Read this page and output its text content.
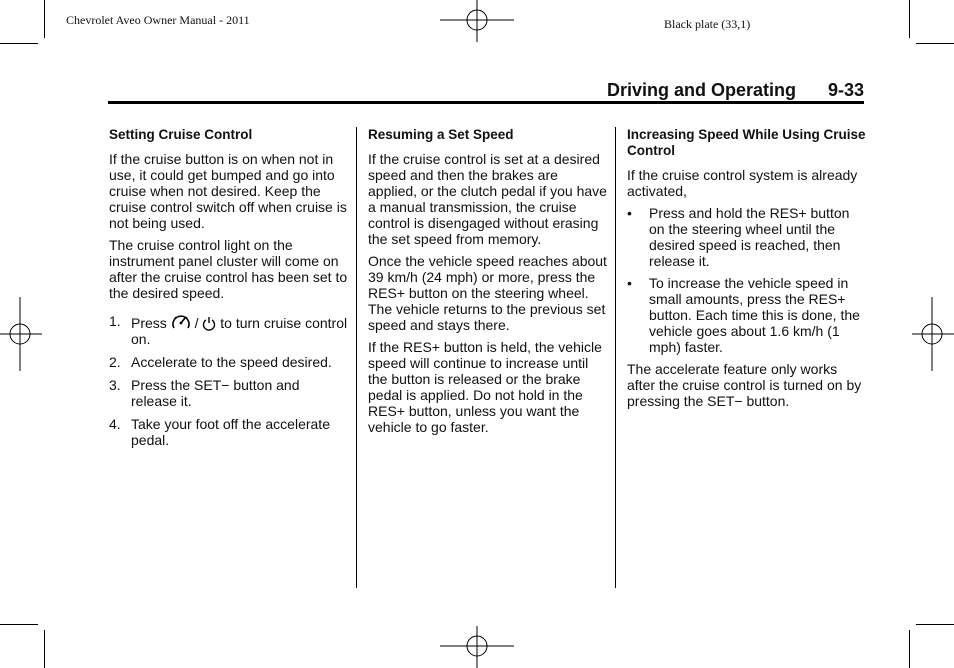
Chevrolet Aveo Owner Manual - 2011	Black plate (33,1)
Driving and Operating 9-33
Setting Cruise Control

If the cruise button is on when not in use, it could get bumped and go into cruise when not desired. Keep the cruise control switch off when cruise is not being used.

The cruise control light on the instrument panel cluster will come on after the cruise control has been set to the desired speed.

1. Press / to turn cruise control on.
2. Accelerate to the speed desired.
3. Press the SET− button and release it.
4. Take your foot off the accelerate pedal.
Resuming a Set Speed

If the cruise control is set at a desired speed and then the brakes are applied, or the clutch pedal if you have a manual transmission, the cruise control is disengaged without erasing the set speed from memory.

Once the vehicle speed reaches about 39 km/h (24 mph) or more, press the RES+ button on the steering wheel. The vehicle returns to the previous set speed and stays there.

If the RES+ button is held, the vehicle speed will continue to increase until the button is released or the brake pedal is applied. Do not hold in the RES+ button, unless you want the vehicle to go faster.

Increasing Speed While Using Cruise Control

If the cruise control system is already activated,

• Press and hold the RES+ button on the steering wheel until the desired speed is reached, then release it.
• To increase the vehicle speed in small amounts, press the RES+ button. Each time this is done, the vehicle goes about 1.6 km/h (1 mph) faster.

The accelerate feature only works after the cruise control is turned on by pressing the SET− button.
